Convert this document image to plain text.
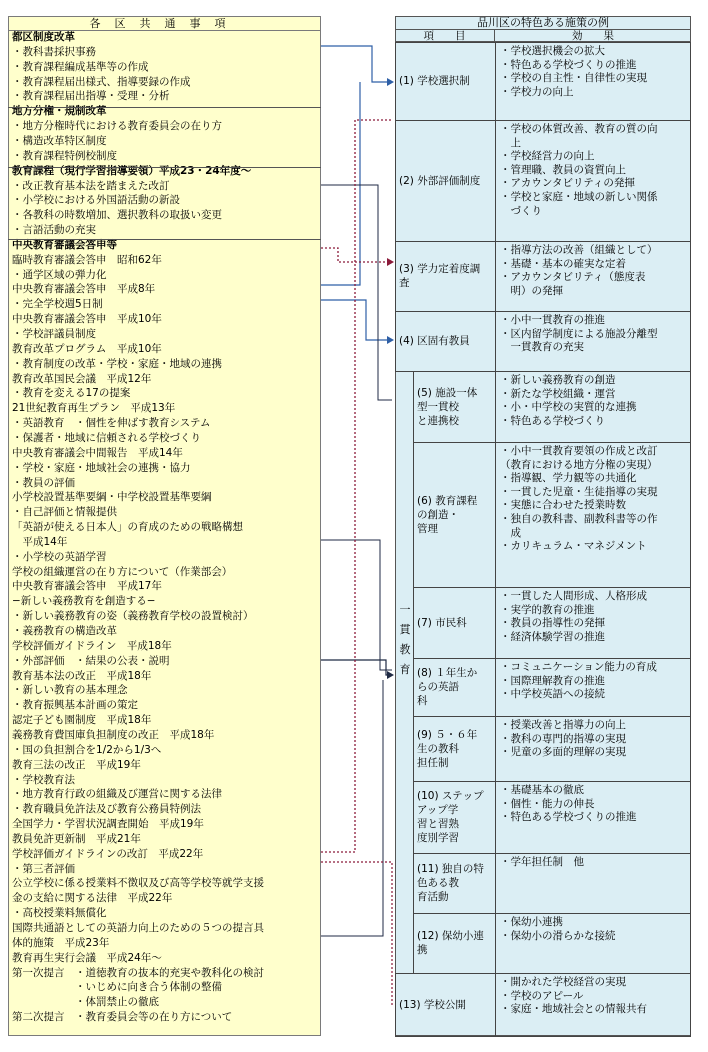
各区共通事項
都区制度改革
・教科書採択事務
・教育課程編成基準等の作成
・教育課程届出様式、指導要録の作成
・教育課程届出指導・受理・分析
地方分権・規制改革
・地方分権時代における教育委員会の在り方
・構造改革特区制度
・教育課程特例校制度
教育課程（現行学習指導要領）平成23・24年度〜
・改正教育基本法を踏まえた改訂
・小学校における外国語活動の新設
・各教科の時数増加、選択教科の取扱い変更
・言語活動の充実
中央教育審議会答申等
臨時教育審議会答申　昭和62年
・通学区域の弾力化
中央教育審議会答申　平成8年
・完全学校週5日制
中央教育審議会答申　平成10年
・学校評議員制度
教育改革プログラム　平成10年
・教育制度の改革・学校・家庭・地域の連携
教育改革国民会議　平成12年
・教育を変える17の提案
21世紀教育再生プラン　平成13年
・英語教育　・個性を伸ばす教育システム
・保護者・地域に信頼される学校づくり
中央教育審議会中間報告　平成14年
・学校・家庭・地域社会の連携・協力
・教員の評価
小学校設置基準要綱・中学校設置基準要綱
・自己評価と情報提供
「英語が使える日本人」の育成のための戦略構想
　平成14年
・小学校の英語学習
学校の組織運営の在り方について（作業部会）
中央教育審議会答申　平成17年
−新しい義務教育を創造する−
・新しい義務教育の姿（義務教育学校の設置検討）
・義務教育の構造改革
学校評価ガイドライン　平成18年
・外部評価　・結果の公表・説明
教育基本法の改正　平成18年
・新しい教育の基本理念
・教育振興基本計画の策定
認定子ども園制度　平成18年
義務教育費国庫負担制度の改正　平成18年
・国の負担割合を1/2から1/3へ
教育三法の改正　平成19年
・学校教育法
・地方教育行政の組織及び運営に関する法律
・教育職員免許法及び教育公務員特例法
全国学力・学習状況調査開始　平成19年
教員免許更新制　平成21年
学校評価ガイドラインの改訂　平成22年
・第三者評価
公立学校に係る授業料不徴収及び高等学校等就学支援
金の支給に関する法律　平成22年
・高校授業料無償化
国際共通語としての英語力向上のための５つの提言具
体的施策　平成23年
教育再生実行会議　平成24年〜
第一次提言　・道徳教育の抜本的充実や教科化の検討
　　　　　　・いじめに向き合う体制の整備
　　　　　　・体罰禁止の徹底
第二次提言　・教育委員会等の在り方について
品川区の特色ある施策の例
項　　目	効　　果
(1) 学校選択制
・学校選択機会の拡大
・特色ある学校づくりの推進
・学校の自主性・自律性の実現
・学校力の向上
(2) 外部評価制度
・学校の体質改善、教育の質の向
　上
・学校経営力の向上
・管理職、教員の資質向上
・アカウンタビリティの発揮
・学校と家庭・地域の新しい関係
　づくり
(3) 学力定着度調
査
・指導方法の改善（組織として）
・基礎・基本の確実な定着
・アカウンタビリティ（態度表
　明）の発揮
(4) 区固有教員
・小中一貫教育の推進
・区内留学制度による施設分離型
　一貫教育の充実
(5) 施設一体
型一貫校
と連携校
・新しい義務教育の創造
・新たな学校組織・運営
・小・中学校の実質的な連携
・特色ある学校づくり
(6) 教育課程
の創造・
管理
・小中一貫教育要領の作成と改訂
（教育における地方分権の実現）
・指導観、学力観等の共通化
・一貫した児童・生徒指導の実現
・実態に合わせた授業時数
・独自の教科書、副教科書等の作
　成
・カリキュラム・マネジメント
(7) 市民科
・一貫した人間形成、人格形成
・実学的教育の推進
・教員の指導性の発揮
・経済体験学習の推進
(8) １年生か
らの英語
科
・コミュニケーション能力の育成
・国際理解教育の推進
・中学校英語への接続
(9) ５・６年
生の教科
担任制
・授業改善と指導力の向上
・教科の専門的指導の実現
・児童の多面的理解の実現
(10) ステップ
アップ学
習と習熟
度別学習
・基礎基本の徹底
・個性・能力の伸長
・特色ある学校づくりの推進
(11) 独自の特
色ある教
育活動
・学年担任制　他
(12) 保幼小連
携
・保幼小連携
・保幼小の滑らかな接続
(13) 学校公開
・開かれた学校経営の実現
・学校のアピール
・家庭・地域社会との情報共有
一
貫
教
育
